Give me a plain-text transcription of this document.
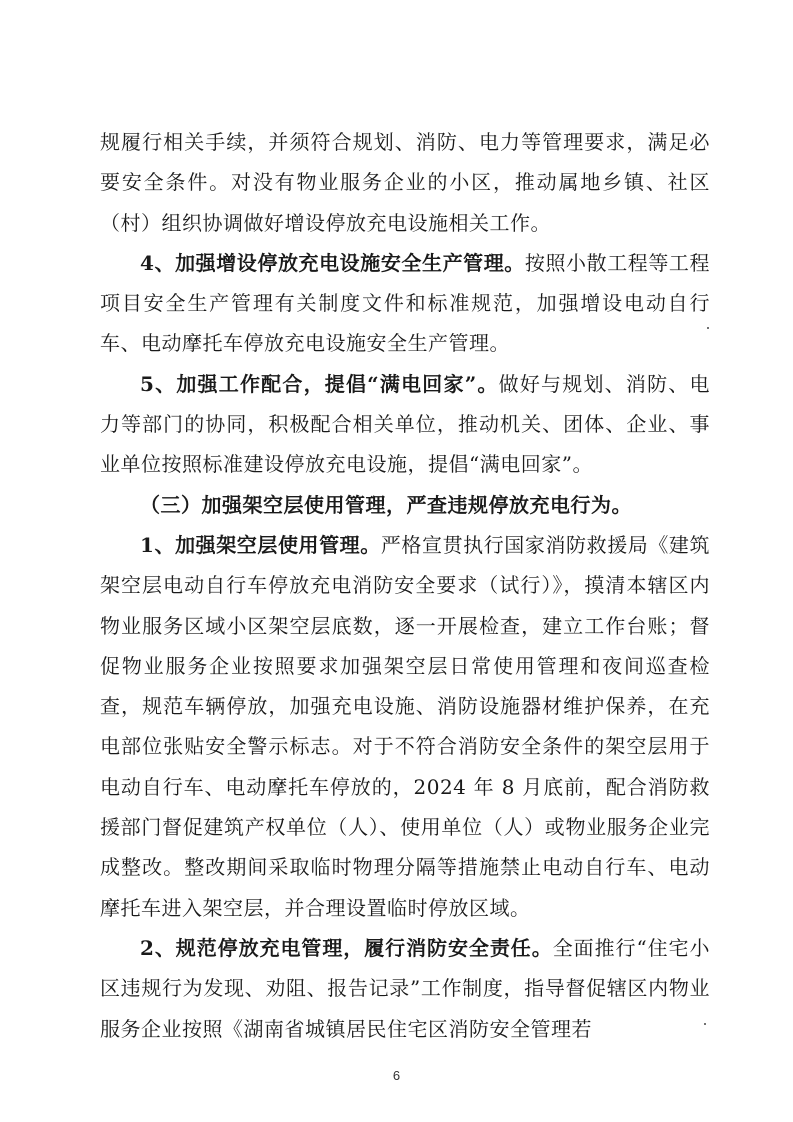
规履行相关手续，并须符合规划、消防、电力等管理要求，满足必要安全条件。对没有物业服务企业的小区，推动属地乡镇、社区（村）组织协调做好增设停放充电设施相关工作。

4、加强增设停放充电设施安全生产管理。按照小散工程等工程项目安全生产管理有关制度文件和标准规范，加强增设电动自行车、电动摩托车停放充电设施安全生产管理。

5、加强工作配合，提倡“满电回家”。做好与规划、消防、电力等部门的协同，积极配合相关单位，推动机关、团体、企业、事业单位按照标准建设停放充电设施，提倡“满电回家”。

（三）加强架空层使用管理，严查违规停放充电行为。

1、加强架空层使用管理。严格宣贯执行国家消防救援局《建筑架空层电动自行车停放充电消防安全要求（试行）》，摸清本辖区内物业服务区域小区架空层底数，逐一开展检查，建立工作台账；督促物业服务企业按照要求加强架空层日常使用管理和夜间巡查检查，规范车辆停放，加强充电设施、消防设施器材维护保养，在充电部位张贴安全警示标志。对于不符合消防安全条件的架空层用于电动自行车、电动摩托车停放的，2024 年 8 月底前，配合消防救援部门督促建筑产权单位（人）、使用单位（人）或物业服务企业完成整改。整改期间采取临时物理分隔等措施禁止电动自行车、电动摩托车进入架空层，并合理设置临时停放区域。

2、规范停放充电管理，履行消防安全责任。全面推行“住宅小区违规行为发现、劝阻、报告记录”工作制度，指导督促辖区内物业服务企业按照《湖南省城镇居民住宅区消防安全管理若

6
